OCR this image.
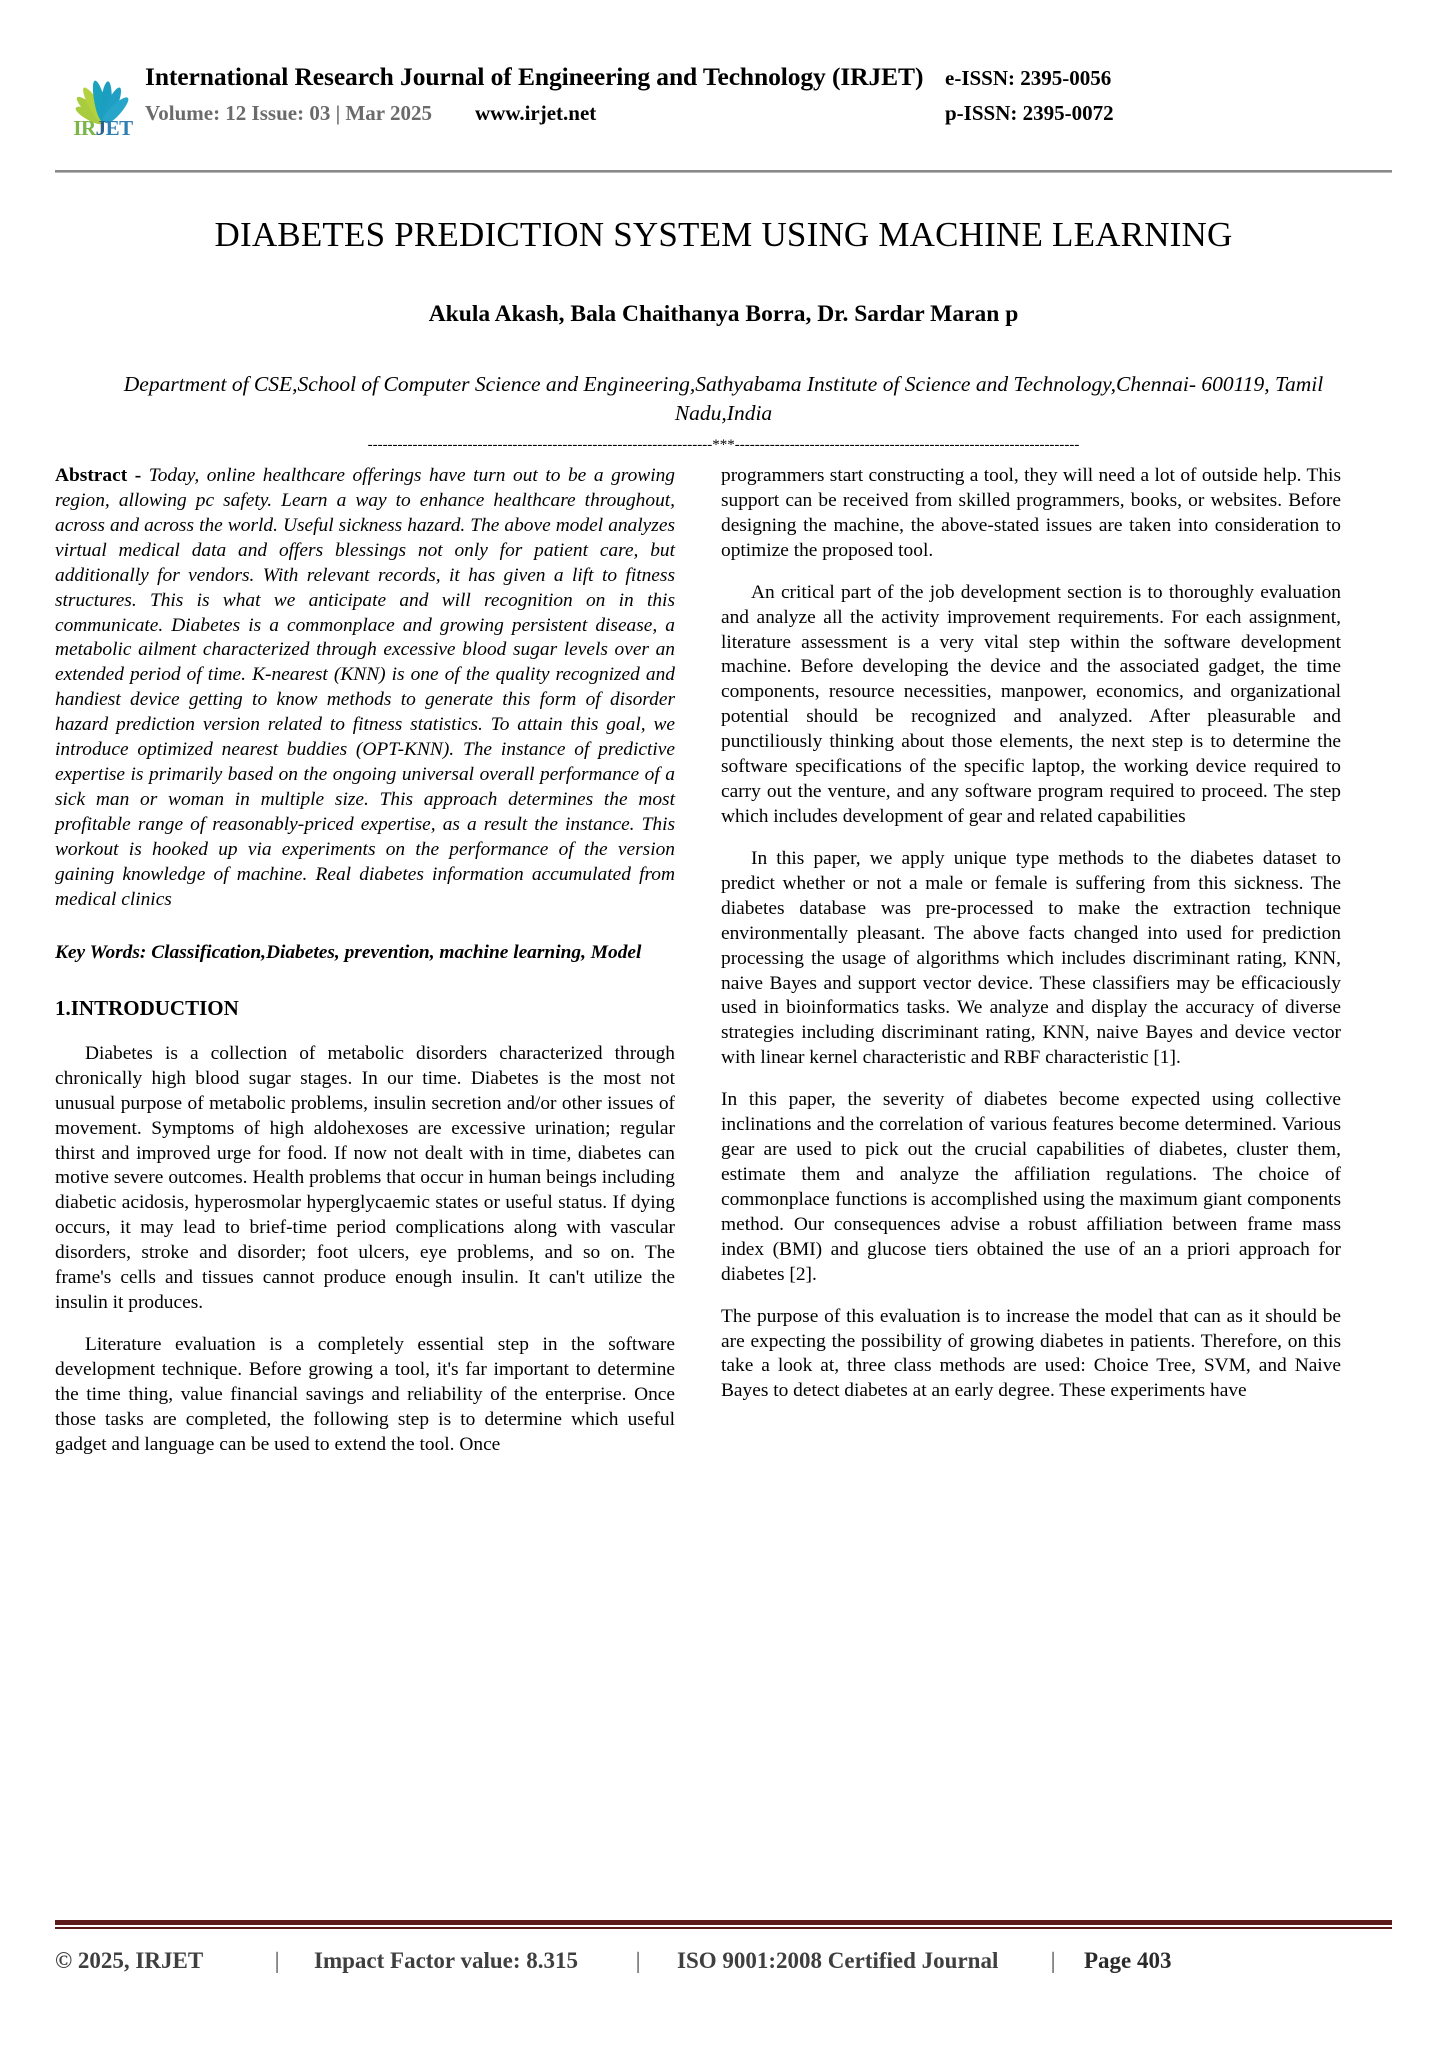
IRJET
International Research Journal of Engineering and Technology (IRJET)	e-ISSN: 2395-0056
Volume: 12 Issue: 03 | Mar 2025	www.irjet.net	p-ISSN: 2395-0072
DIABETES PREDICTION SYSTEM USING MACHINE LEARNING
Akula Akash, Bala Chaithanya Borra, Dr. Sardar Maran p
Department of CSE,School of Computer Science and Engineering,Sathyabama Institute of Science and Technology,Chennai- 600119, Tamil Nadu,India
---------------------------------------------------------------------***---------------------------------------------------------------------

Abstract - Today, online healthcare offerings have turn out to be a growing region, allowing pc safety. Learn a way to enhance healthcare throughout, across and across the world. Useful sickness hazard. The above model analyzes virtual medical data and offers blessings not only for patient care, but additionally for vendors. With relevant records, it has given a lift to fitness structures. This is what we anticipate and will recognition on in this communicate. Diabetes is a commonplace and growing persistent disease, a metabolic ailment characterized through excessive blood sugar levels over an extended period of time. K-nearest (KNN) is one of the quality recognized and handiest device getting to know methods to generate this form of disorder hazard prediction version related to fitness statistics. To attain this goal, we introduce optimized nearest buddies (OPT-KNN). The instance of predictive expertise is primarily based on the ongoing universal overall performance of a sick man or woman in multiple size. This approach determines the most profitable range of reasonably-priced expertise, as a result the instance. This workout is hooked up via experiments on the performance of the version gaining knowledge of machine. Real diabetes information accumulated from medical clinics

Key Words: Classification,Diabetes, prevention, machine learning, Model

1.INTRODUCTION

Diabetes is a collection of metabolic disorders characterized through chronically high blood sugar stages. In our time. Diabetes is the most not unusual purpose of metabolic problems, insulin secretion and/or other issues of movement. Symptoms of high aldohexoses are excessive urination; regular thirst and improved urge for food. If now not dealt with in time, diabetes can motive severe outcomes. Health problems that occur in human beings including diabetic acidosis, hyperosmolar hyperglycaemic states or useful status. If dying occurs, it may lead to brief-time period complications along with vascular disorders, stroke and disorder; foot ulcers, eye problems, and so on. The frame's cells and tissues cannot produce enough insulin. It can't utilize the insulin it produces.

Literature evaluation is a completely essential step in the software development technique. Before growing a tool, it's far important to determine the time thing, value financial savings and reliability of the enterprise. Once those tasks are completed, the following step is to determine which useful gadget and language can be used to extend the tool. Once

programmers start constructing a tool, they will need a lot of outside help. This support can be received from skilled programmers, books, or websites. Before designing the machine, the above-stated issues are taken into consideration to optimize the proposed tool.

An critical part of the job development section is to thoroughly evaluation and analyze all the activity improvement requirements. For each assignment, literature assessment is a very vital step within the software development machine. Before developing the device and the associated gadget, the time components, resource necessities, manpower, economics, and organizational potential should be recognized and analyzed. After pleasurable and punctiliously thinking about those elements, the next step is to determine the software specifications of the specific laptop, the working device required to carry out the venture, and any software program required to proceed. The step which includes development of gear and related capabilities

In this paper, we apply unique type methods to the diabetes dataset to predict whether or not a male or female is suffering from this sickness. The diabetes database was pre-processed to make the extraction technique environmentally pleasant. The above facts changed into used for prediction processing the usage of algorithms which includes discriminant rating, KNN, naive Bayes and support vector device. These classifiers may be efficaciously used in bioinformatics tasks. We analyze and display the accuracy of diverse strategies including discriminant rating, KNN, naive Bayes and device vector with linear kernel characteristic and RBF characteristic [1].

In this paper, the severity of diabetes become expected using collective inclinations and the correlation of various features become determined. Various gear are used to pick out the crucial capabilities of diabetes, cluster them, estimate them and analyze the affiliation regulations. The choice of commonplace functions is accomplished using the maximum giant components method. Our consequences advise a robust affiliation between frame mass index (BMI) and glucose tiers obtained the use of an a priori approach for diabetes [2].

The purpose of this evaluation is to increase the model that can as it should be are expecting the possibility of growing diabetes in patients. Therefore, on this take a look at, three class methods are used: Choice Tree, SVM, and Naive Bayes to detect diabetes at an early degree. These experiments have

© 2025, IRJET	|	Impact Factor value: 8.315	|	ISO 9001:2008 Certified Journal	|	Page 403
